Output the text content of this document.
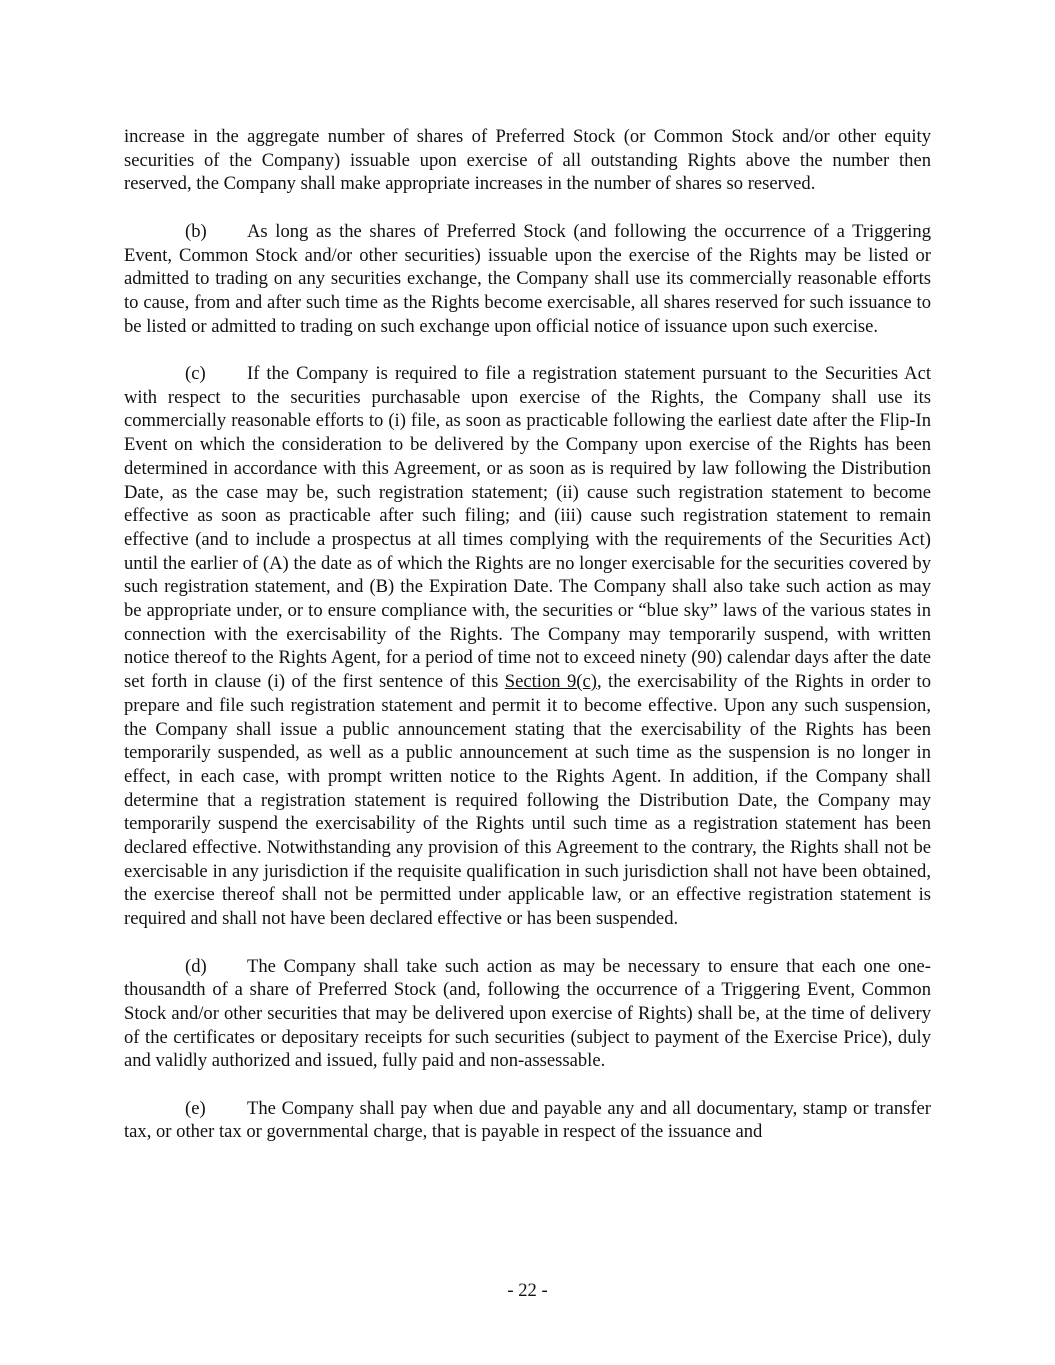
increase in the aggregate number of shares of Preferred Stock (or Common Stock and/or other equity securities of the Company) issuable upon exercise of all outstanding Rights above the number then reserved, the Company shall make appropriate increases in the number of shares so reserved.

(b) As long as the shares of Preferred Stock (and following the occurrence of a Triggering Event, Common Stock and/or other securities) issuable upon the exercise of the Rights may be listed or admitted to trading on any securities exchange, the Company shall use its commercially reasonable efforts to cause, from and after such time as the Rights become exercisable, all shares reserved for such issuance to be listed or admitted to trading on such exchange upon official notice of issuance upon such exercise.

(c) If the Company is required to file a registration statement pursuant to the Securities Act with respect to the securities purchasable upon exercise of the Rights, the Company shall use its commercially reasonable efforts to (i) file, as soon as practicable following the earliest date after the Flip-In Event on which the consideration to be delivered by the Company upon exercise of the Rights has been determined in accordance with this Agreement, or as soon as is required by law following the Distribution Date, as the case may be, such registration statement; (ii) cause such registration statement to become effective as soon as practicable after such filing; and (iii) cause such registration statement to remain effective (and to include a prospectus at all times complying with the requirements of the Securities Act) until the earlier of (A) the date as of which the Rights are no longer exercisable for the securities covered by such registration statement, and (B) the Expiration Date. The Company shall also take such action as may be appropriate under, or to ensure compliance with, the securities or “blue sky” laws of the various states in connection with the exercisability of the Rights. The Company may temporarily suspend, with written notice thereof to the Rights Agent, for a period of time not to exceed ninety (90) calendar days after the date set forth in clause (i) of the first sentence of this Section 9(c), the exercisability of the Rights in order to prepare and file such registration statement and permit it to become effective. Upon any such suspension, the Company shall issue a public announcement stating that the exercisability of the Rights has been temporarily suspended, as well as a public announcement at such time as the suspension is no longer in effect, in each case, with prompt written notice to the Rights Agent. In addition, if the Company shall determine that a registration statement is required following the Distribution Date, the Company may temporarily suspend the exercisability of the Rights until such time as a registration statement has been declared effective. Notwithstanding any provision of this Agreement to the contrary, the Rights shall not be exercisable in any jurisdiction if the requisite qualification in such jurisdiction shall not have been obtained, the exercise thereof shall not be permitted under applicable law, or an effective registration statement is required and shall not have been declared effective or has been suspended.

(d) The Company shall take such action as may be necessary to ensure that each one one-thousandth of a share of Preferred Stock (and, following the occurrence of a Triggering Event, Common Stock and/or other securities that may be delivered upon exercise of Rights) shall be, at the time of delivery of the certificates or depositary receipts for such securities (subject to payment of the Exercise Price), duly and validly authorized and issued, fully paid and non-assessable.

(e) The Company shall pay when due and payable any and all documentary, stamp or transfer tax, or other tax or governmental charge, that is payable in respect of the issuance and

- 22 -
